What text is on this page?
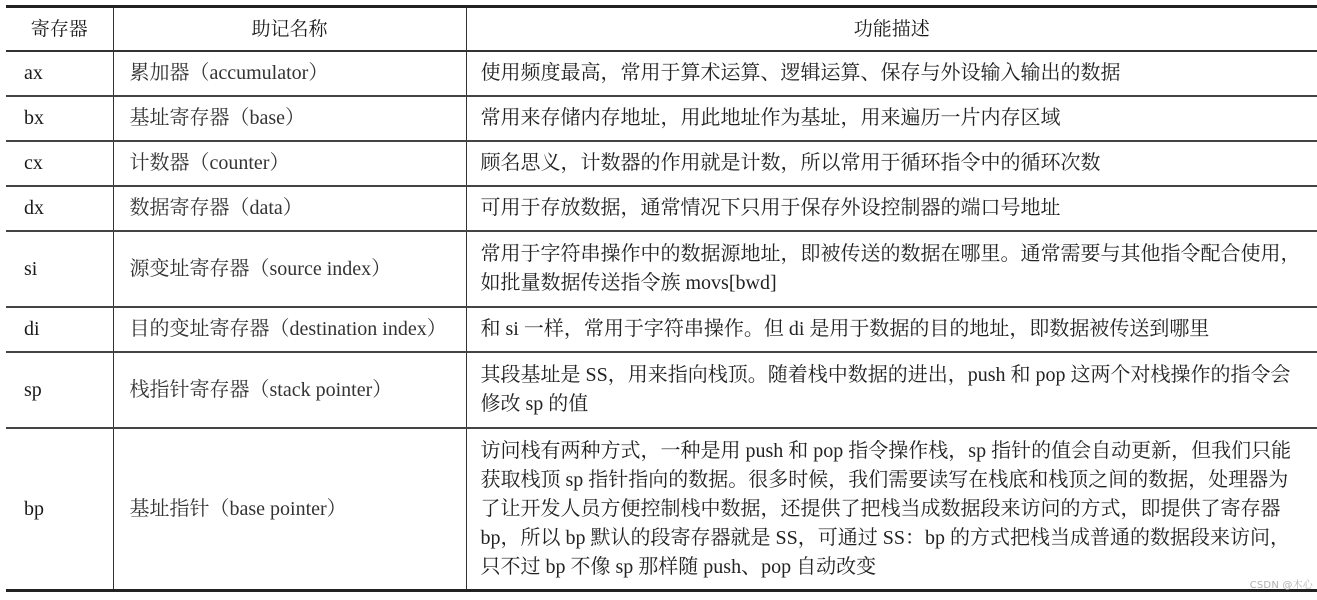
寄存器	助记名称	功能描述
ax	累加器（accumulator）	使用频度最高，常用于算术运算、逻辑运算、保存与外设输入输出的数据
bx	基址寄存器（base）	常用来存储内存地址，用此地址作为基址，用来遍历一片内存区域
cx	计数器（counter）	顾名思义，计数器的作用就是计数，所以常用于循环指令中的循环次数
dx	数据寄存器（data）	可用于存放数据，通常情况下只用于保存外设控制器的端口号地址
si	源变址寄存器（source index）	常用于字符串操作中的数据源地址，即被传送的数据在哪里。通常需要与其他指令配合使用，如批量数据传送指令族 movs[bwd]
di	目的变址寄存器（destination index）	和 si 一样，常用于字符串操作。但 di 是用于数据的目的地址，即数据被传送到哪里
sp	栈指针寄存器（stack pointer）	其段基址是 SS，用来指向栈顶。随着栈中数据的进出，push 和 pop 这两个对栈操作的指令会修改 sp 的值
bp	基址指针（base pointer）	访问栈有两种方式，一种是用 push 和 pop 指令操作栈，sp 指针的值会自动更新，但我们只能获取栈顶 sp 指针指向的数据。很多时候，我们需要读写在栈底和栈顶之间的数据，处理器为了让开发人员方便控制栈中数据，还提供了把栈当成数据段来访问的方式，即提供了寄存器 bp，所以 bp 默认的段寄存器就是 SS，可通过 SS：bp 的方式把栈当成普通的数据段来访问，只不过 bp 不像 sp 那样随 push、pop 自动改变
CSDN @木心
